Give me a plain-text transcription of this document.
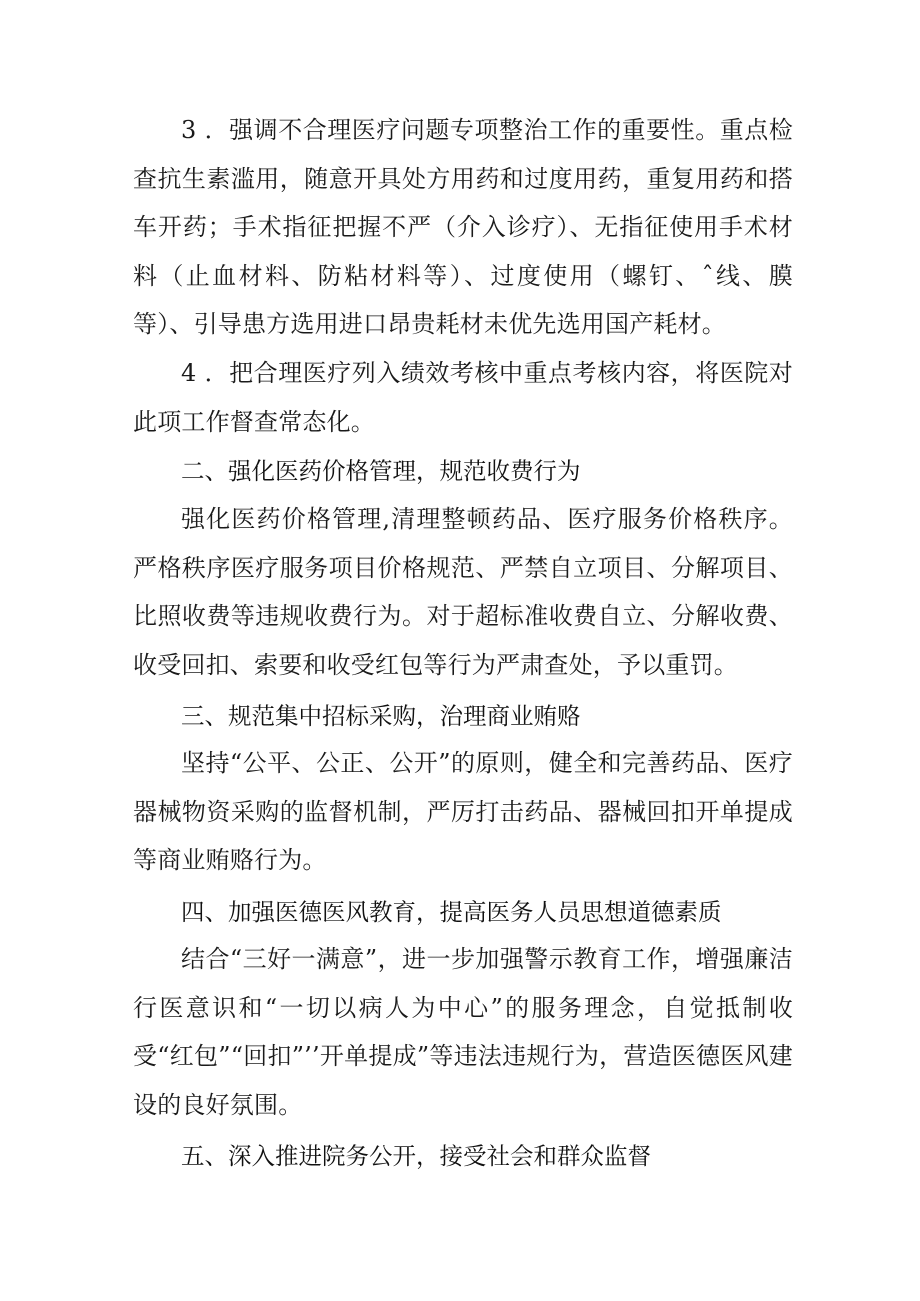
3 ．强调不合理医疗问题专项整治工作的重要性。重点检查抗生素滥用，随意开具处方用药和过度用药，重复用药和搭车开药；手术指征把握不严（介入诊疗）、无指征使用手术材料（止血材料、防粘材料等）、过度使用（螺钉、ˆ线、膜等）、引导患方选用进口昂贵耗材未优先选用国产耗材。

4 ．把合理医疗列入绩效考核中重点考核内容，将医院对此项工作督查常态化。

二、强化医药价格管理，规范收费行为

强化医药价格管理,清理整顿药品、医疗服务价格秩序。严格秩序医疗服务项目价格规范、严禁自立项目、分解项目、比照收费等违规收费行为。对于超标准收费自立、分解收费、收受回扣、索要和收受红包等行为严肃查处，予以重罚。

三、规范集中招标采购，治理商业贿赂

坚持“公平、公正、公开”的原则，健全和完善药品、医疗器械物资采购的监督机制，严厉打击药品、器械回扣开单提成等商业贿赂行为。

四、加强医德医风教育，提高医务人员思想道德素质

结合“三好一满意”，进一步加强警示教育工作，增强廉洁行医意识和“一切以病人为中心”的服务理念，自觉抵制收受“红包”“回扣”’’开单提成”等违法违规行为，营造医德医风建设的良好氛围。

五、深入推进院务公开，接受社会和群众监督
